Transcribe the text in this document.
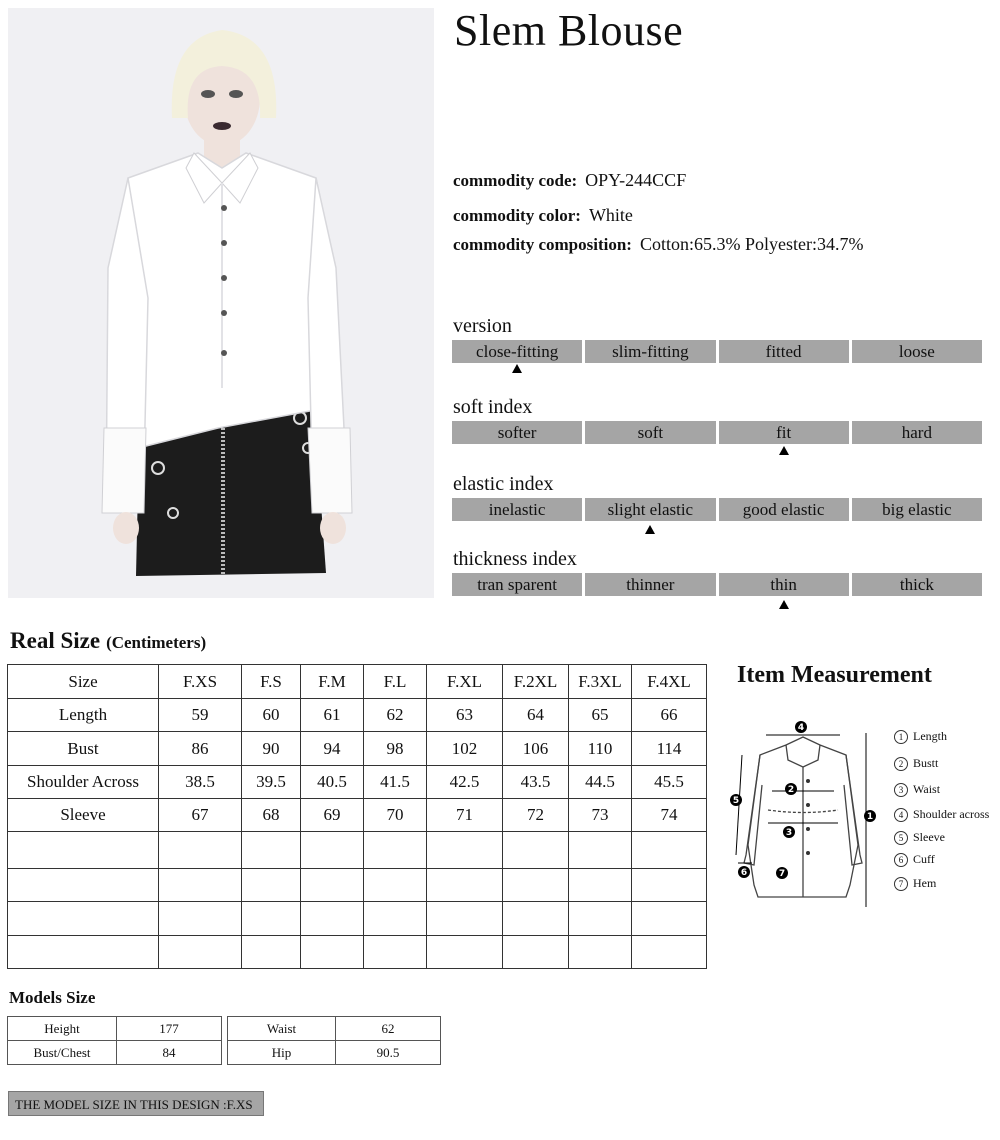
Slem Blouse
commodity code: OPY-244CCF
commodity color: White
commodity composition: Cotton:65.3% Polyester:34.7%
version
close-fitting	slim-fitting	fitted	loose
soft index
softer	soft	fit	hard
elastic index
inelastic	slight elastic	good elastic	big elastic
thickness index
tran sparent	thinner	thin	thick
Real Size (Centimeters)
Size	F.XS	F.S	F.M	F.L	F.XL	F.2XL	F.3XL	F.4XL
Length	59	60	61	62	63	64	65	66
Bust	86	90	94	98	102	106	110	114
Shoulder Across	38.5	39.5	40.5	41.5	42.5	43.5	44.5	45.5
Sleeve	67	68	69	70	71	72	73	74

Item Measurement
4
1
5
2
3
6	7
1 Length
2 Bustt
3 Waist
4 Shoulder across
5 Sleeve
6 Cuff
7 Hem
Models Size
Height	177
Bust/Chest	84
Waist	62
Hip	90.5
THE MODEL SIZE IN THIS DESIGN :F.XS
